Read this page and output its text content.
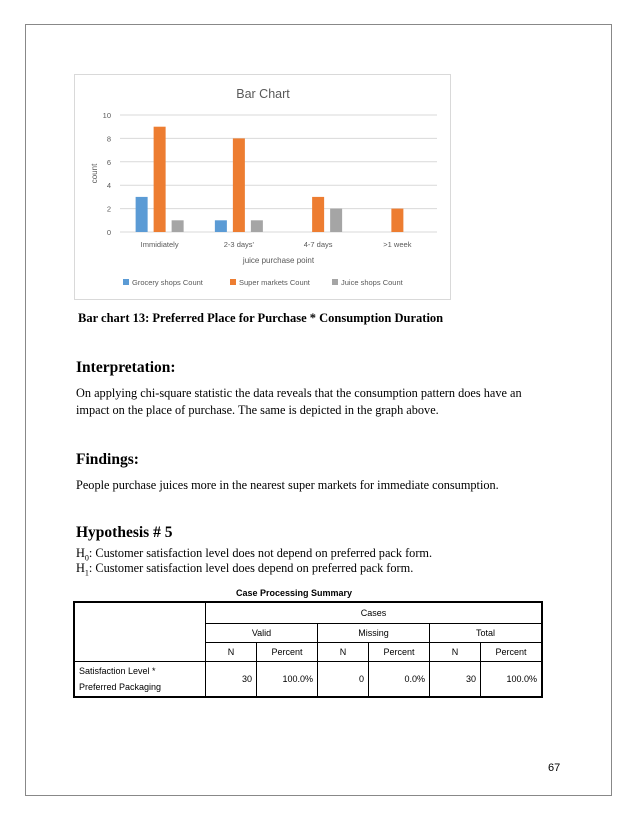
Bar Chart
0
2
4
6
8
10
count
Immidiately	2-3 days'	4-7 days	>1 week
juice purchase point
Grocery shops Count	Super markets Count	Juice shops Count
Bar chart 13: Preferred Place for Purchase * Consumption Duration
Interpretation:
On applying chi-square statistic the data reveals that the consumption pattern does have an impact on the place of purchase. The same is depicted in the graph above.
Findings:
People purchase juices more in the nearest super markets for immediate consumption.
Hypothesis # 5
$H_0$: Customer satisfaction level does not depend on preferred pack form.
$H_1$: Customer satisfaction level does depend on preferred pack form.
Case Processing Summary
	Cases					
	Valid		Missing		Total	
	N	Percent	N	Percent	N	Percent
Satisfaction Level *
Preferred Packaging	30	100.0%	0	0.0%	30	100.0%
67
